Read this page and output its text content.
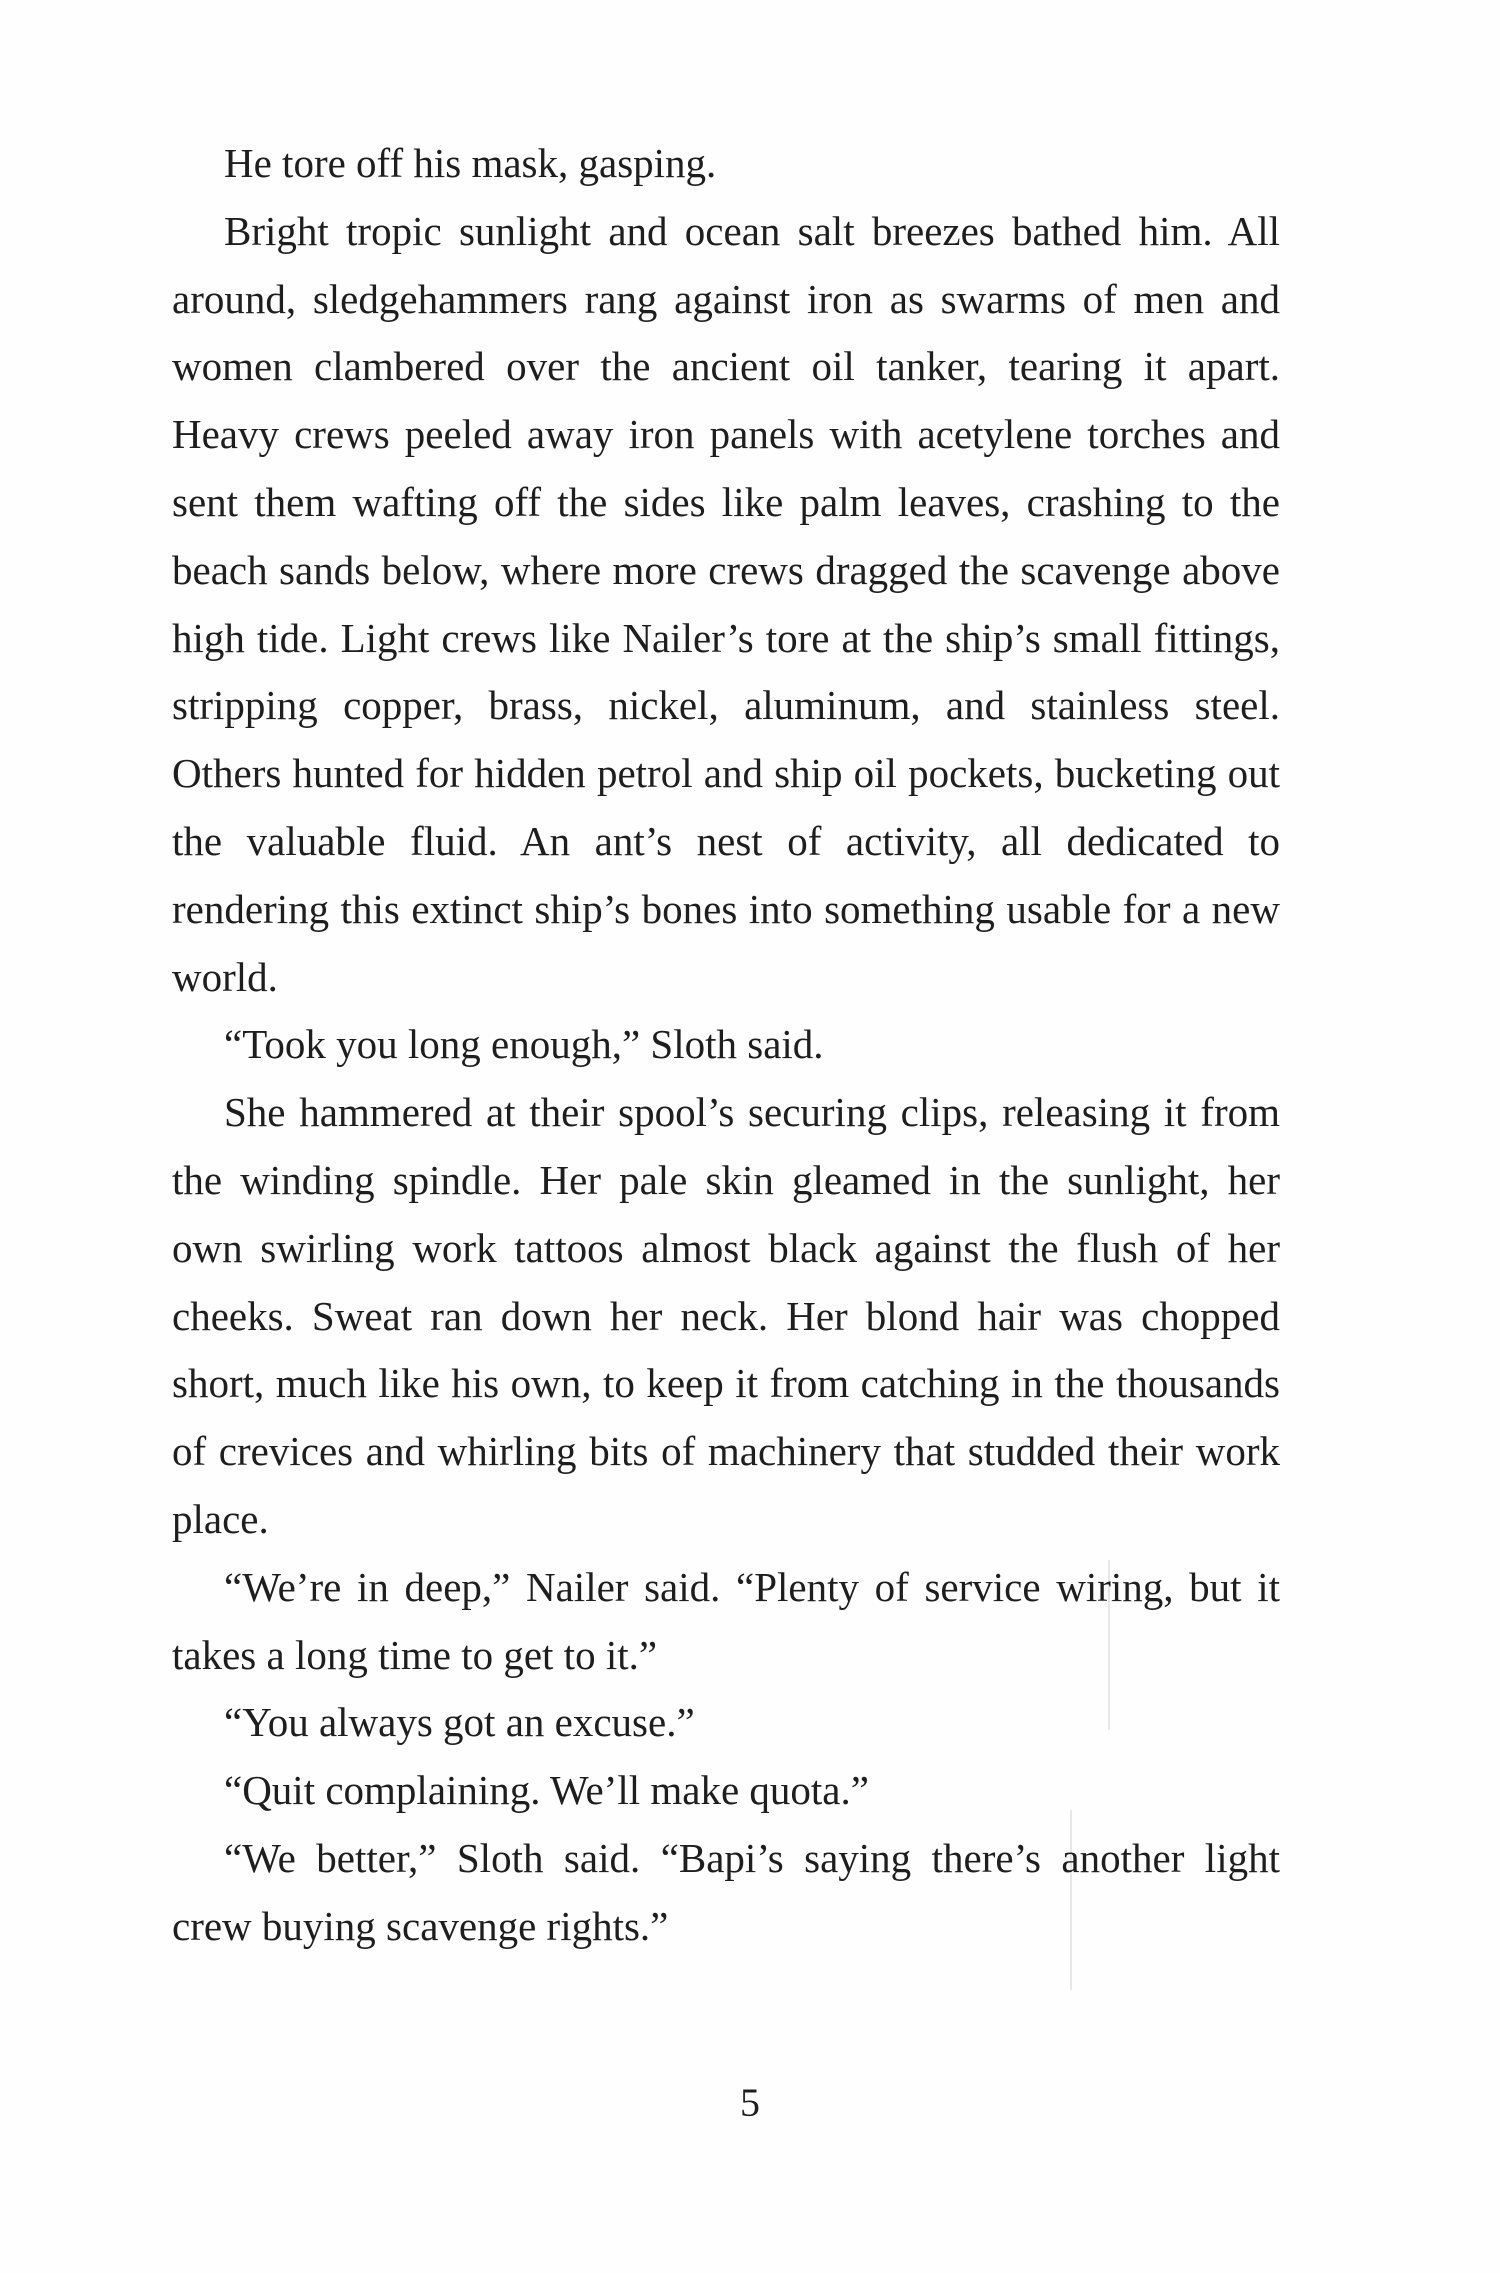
He tore off his mask, gasping.

Bright tropic sunlight and ocean salt breezes bathed him. All around, sledgehammers rang against iron as swarms of men and women clambered over the ancient oil tanker, tearing it apart. Heavy crews peeled away iron panels with acetylene torches and sent them wafting off the sides like palm leaves, crashing to the beach sands below, where more crews dragged the scavenge above high tide. Light crews like Nailer’s tore at the ship’s small fittings, stripping copper, brass, nickel, aluminum, and stainless steel. Others hunted for hidden petrol and ship oil pockets, bucketing out the valuable fluid. An ant’s nest of activity, all dedicated to rendering this extinct ship’s bones into something usable for a new world.

“Took you long enough,” Sloth said.

She hammered at their spool’s securing clips, releasing it from the winding spindle. Her pale skin gleamed in the sunlight, her own swirling work tattoos almost black against the flush of her cheeks. Sweat ran down her neck. Her blond hair was chopped short, much like his own, to keep it from catching in the thousands of crevices and whirling bits of machinery that studded their work place.

“We’re in deep,” Nailer said. “Plenty of service wiring, but it takes a long time to get to it.”

“You always got an excuse.”

“Quit complaining. We’ll make quota.”

“We better,” Sloth said. “Bapi’s saying there’s another light crew buying scavenge rights.”

5
